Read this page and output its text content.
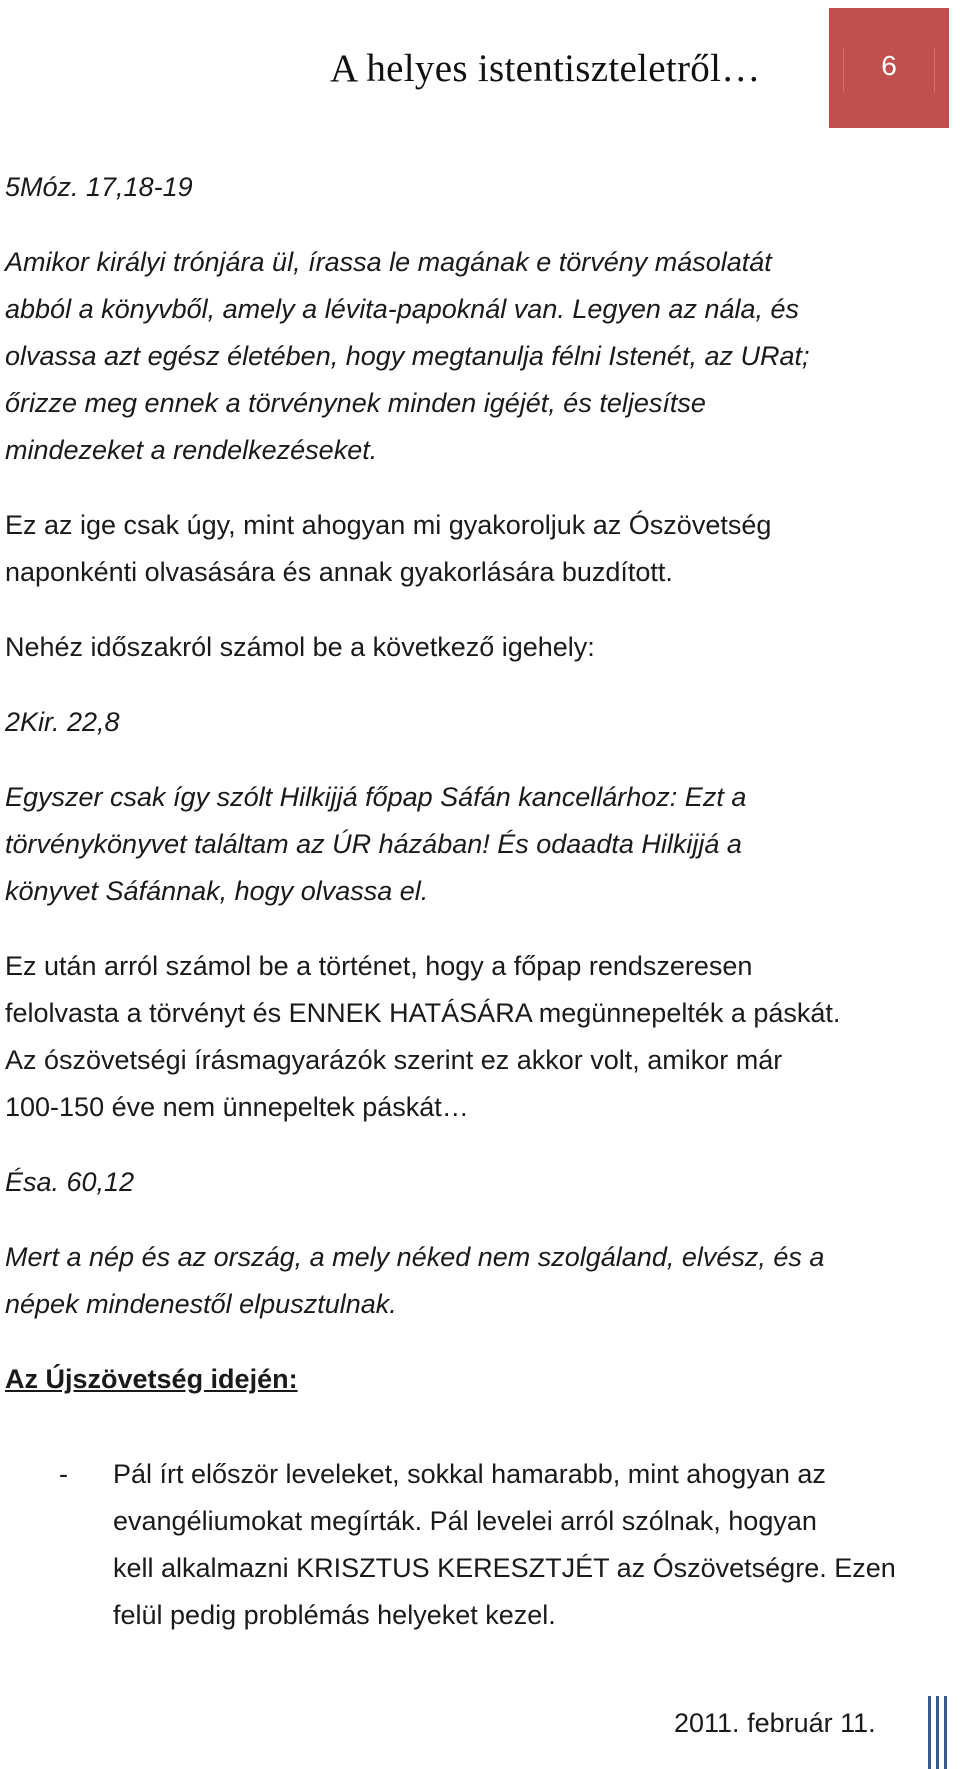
A helyes istentiszteletről…	6
5Móz. 17,18-19
Amikor királyi trónjára ül, írassa le magának e törvény másolatát
abból a könyvből, amely a lévita-papoknál van. Legyen az nála, és
olvassa azt egész életében, hogy megtanulja félni Istenét, az URat;
őrizze meg ennek a törvénynek minden igéjét, és teljesítse
mindezeket a rendelkezéseket.
Ez az ige csak úgy, mint ahogyan mi gyakoroljuk az Ószövetség
naponkénti olvasására és annak gyakorlására buzdított.
Nehéz időszakról számol be a következő igehely:
2Kir. 22,8
Egyszer csak így szólt Hilkijjá főpap Sáfán kancellárhoz: Ezt a
törvénykönyvet találtam az ÚR házában! És odaadta Hilkijjá a
könyvet Sáfánnak, hogy olvassa el.
Ez után arról számol be a történet, hogy a főpap rendszeresen
felolvasta a törvényt és ENNEK HATÁSÁRA megünnepelték a páskát.
Az ószövetségi írásmagyarázók szerint ez akkor volt, amikor már
100-150 éve nem ünnepeltek páskát…
Ésa. 60,12
Mert a nép és az ország, a mely néked nem szolgáland, elvész, és a
népek mindenestől elpusztulnak.
Az Újszövetség idején:
- Pál írt először leveleket, sokkal hamarabb, mint ahogyan az
evangéliumokat megírták. Pál levelei arról szólnak, hogyan
kell alkalmazni KRISZTUS KERESZTJÉT az Ószövetségre. Ezen
felül pedig problémás helyeket kezel.
2011. február 11.
